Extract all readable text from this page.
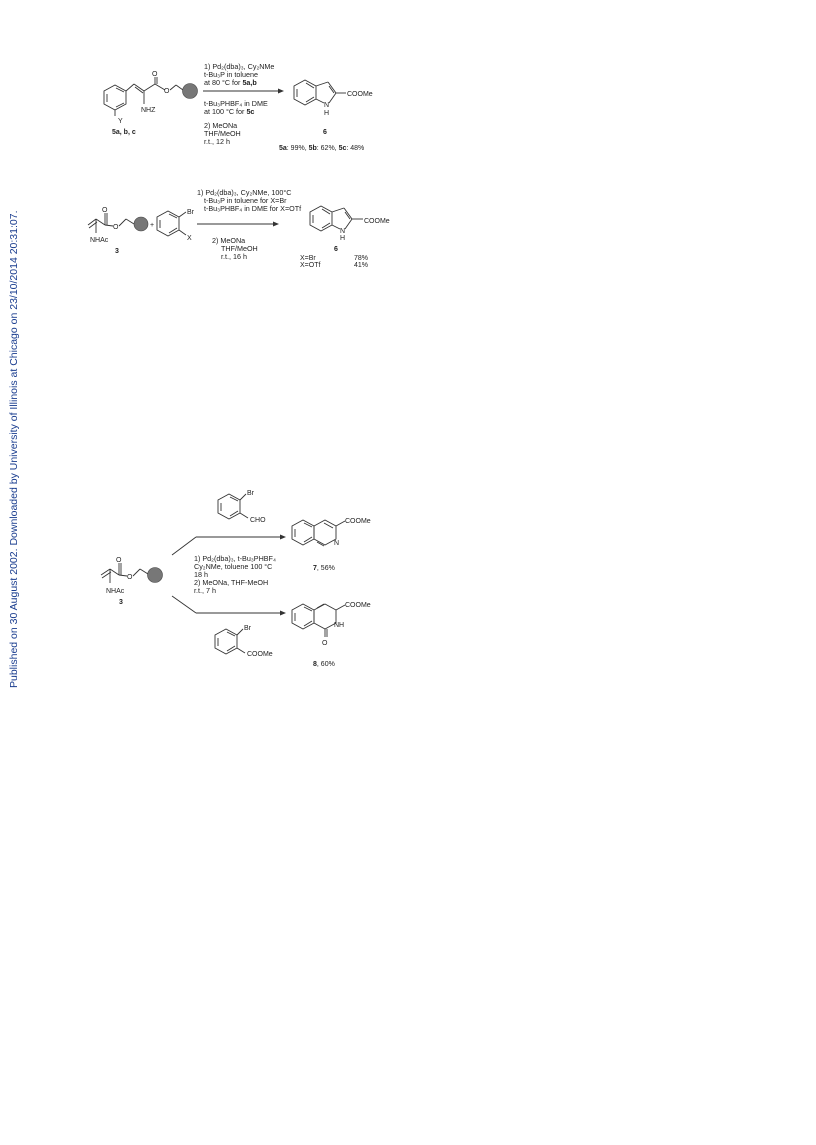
Published on 30 August 2002. Downloaded by University of Illinois at Chicago on 23/10/2014 20:31:07.
O
O
NHZ
Y
5a, b, c
1) Pd₂(dba)₃, Cy₂NMe
t-Bu₃P in toluene
at 80 °C for 5a,b
t-Bu₃PHBF₄ in DME
at 100 °C for 5c
2) MeONa
THF/MeOH
r.t., 12 h
COOMe
N
H
6
5a: 99%, 5b: 62%, 5c: 48%
O
O
NHAc
3
+
Br
X
1) Pd₂(dba)₃, Cy₂NMe, 100°C
t-Bu₃P in toluene for X=Br
t-Bu₃PHBF₄ in DME for X=OTf
2) MeONa
THF/MeOH
r.t., 16 h
COOMe
N
H
6
X=Br	78%
X=OTf	41%
Br
CHO
O
O
NHAc
3
1) Pd₂(dba)₃, t-Bu₃PHBF₄
Cy₂NMe, toluene 100 °C
18 h
2) MeONa, THF-MeOH
r.t., 7 h
Br
COOMe
COOMe
N
7, 56%
COOMe
NH
O
8, 60%
